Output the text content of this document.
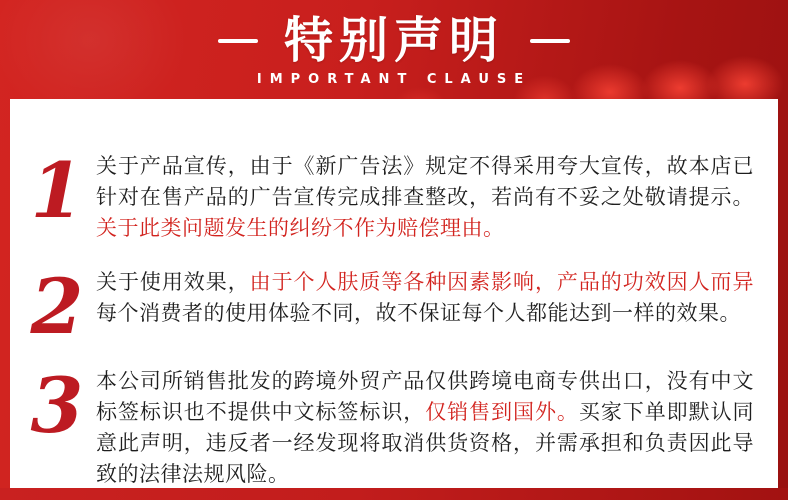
特别声明
IMPORTANT CLAUSE
1 关于产品宣传，由于《新广告法》规定不得采用夸大宣传，故本店已针对在售产品的广告宣传完成排查整改，若尚有不妥之处敬请提示。关于此类问题发生的纠纷不作为赔偿理由。
2 关于使用效果，由于个人肤质等各种因素影响，产品的功效因人而异每个消费者的使用体验不同，故不保证每个人都能达到一样的效果。
3 本公司所销售批发的跨境外贸产品仅供跨境电商专供出口，没有中文标签标识也不提供中文标签标识，仅销售到国外。买家下单即默认同意此声明，违反者一经发现将取消供货资格，并需承担和负责因此导致的法律法规风险。
